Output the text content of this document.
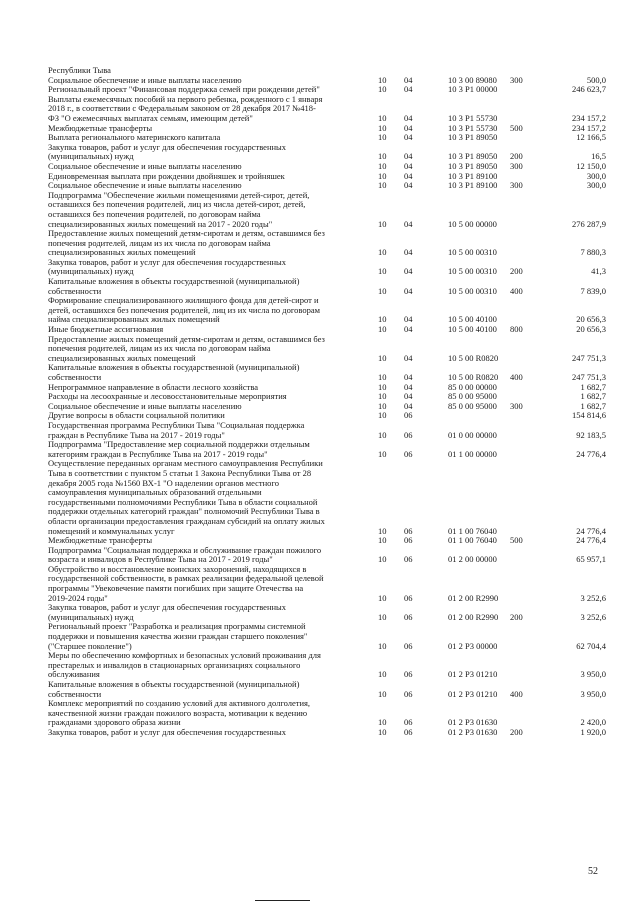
Республики Тыва
Социальное обеспечение и иные выплаты населению	10 04	10 3 00 89080 300	500,0
Региональный проект "Финансовая поддержка семей при рождении детей"	10 04	10 3 P1 00000	246 623,7
Выплаты ежемесячных пособий на первого ребенка, рожденного с 1 января
2018 г., в соответствии с Федеральным законом от 28 декабря 2017 №418-
ФЗ "О ежемесячных выплатах семьям, имеющим детей"	10 04	10 3 P1 55730	234 157,2
Межбюджетные трансферты	10 04	10 3 P1 55730 500	234 157,2
Выплата регионального материнского капитала	10 04	10 3 P1 89050	12 166,5
Закупка товаров, работ и услуг для обеспечения государственных
(муниципальных) нужд	10 04	10 3 P1 89050 200	16,5
Социальное обеспечение и иные выплаты населению	10 04	10 3 P1 89050 300	12 150,0
Единовременная выплата при рождении двойняшек и тройняшек	10 04	10 3 P1 89100	300,0
Социальное обеспечение и иные выплаты населению	10 04	10 3 P1 89100 300	300,0
Подпрограмма "Обеспечение жильми помещениями детей-сирот, детей,
оставшихся без попечения родителей, лиц из числа детей-сирот, детей,
оставшихся без попечения родителей, по договорам найма
специализированных жилых помещений на 2017 - 2020 годы"	10 04	10 5 00 00000	276 287,9
Предоставление жилых помещений детям-сиротам и детям, оставшимся без
попечения родителей, лицам из их числа по договорам найма
специализированных жилых помещений	10 04	10 5 00 00310	7 880,3
Закупка товаров, работ и услуг для обеспечения государственных
(муниципальных) нужд	10 04	10 5 00 00310 200	41,3
Капитальные вложения в объекты государственной (муниципальной)
собственности	10 04	10 5 00 00310 400	7 839,0
Формирование специализированного жилищного фонда для детей-сирот и
детей, оставшихся без попечения родителей, лиц из их числа по договорам
найма специализированных жилых помещений	10 04	10 5 00 40100	20 656,3
Иные бюджетные ассигнования	10 04	10 5 00 40100 800	20 656,3
Предоставление жилых помещений детям-сиротам и детям, оставшимся без
попечения родителей, лицам из их числа по договорам найма
специализированных жилых помещений	10 04	10 5 00 R0820	247 751,3
Капитальные вложения в объекты государственной (муниципальной)
собственности	10 04	10 5 00 R0820 400	247 751,3
Непрограммное направление в области лесного хозяйства	10 04	85 0 00 00000	1 682,7
Расходы на лесоохранные и лесовосстановительные мероприятия	10 04	85 0 00 95000	1 682,7
Социальное обеспечение и иные выплаты населению	10 04	85 0 00 95000 300	1 682,7
Другие вопросы в области социальной политики	10 06	154 814,6
Государственная программа Республики Тыва "Социальная поддержка
граждан в Республике Тыва на 2017 - 2019 годы"	10 06	01 0 00 00000	92 183,5
Подпрограмма "Предоставление мер социальной поддержки отдельным
категориям граждан в Республике Тыва на 2017 - 2019 годы"	10 06	01 1 00 00000	24 776,4
Осуществление переданных органам местного самоуправления Республики
Тыва в соответствии с пунктом 5 статьи 1 Закона Республики Тыва от 28
декабря 2005 года №1560 ВХ-1 "О наделении органов местного
самоуправления муниципальных образований отдельными
государственными полномочиями Республики Тыва в области социальной
поддержки отдельных категорий граждан" полномочий Республики Тыва в
области организации предоставления гражданам субсидий на оплату жилых
помещений и коммунальных услуг	10 06	01 1 00 76040	24 776,4
Межбюджетные трансферты	10 06	01 1 00 76040 500	24 776,4
Подпрограмма "Социальная поддержка и обслуживание граждан пожилого
возраста и инвалидов в Республике Тыва на 2017 - 2019 годы"	10 06	01 2 00 00000	65 957,1
Обустройство и восстановление воинских захоронений, находящихся в
государственной собственности, в рамках реализации федеральной целевой
программы "Увековечение памяти погибших при защите Отечества на
2019-2024 годы"	10 06	01 2 00 R2990	3 252,6
Закупка товаров, работ и услуг для обеспечения государственных
(муниципальных) нужд	10 06	01 2 00 R2990 200	3 252,6
Региональный проект "Разработка и реализация программы системной
поддержки и повышения качества жизни граждан старшего поколения"
("Старшее поколение")	10 06	01 2 P3 00000	62 704,4
Меры по обеспечению комфортных и безопасных условий проживания для
престарелых и инвалидов в стационарных организациях социального
обслуживания	10 06	01 2 P3 01210	3 950,0
Капитальные вложения в объекты государственной (муниципальной)
собственности	10 06	01 2 P3 01210 400	3 950,0
Комплекс мероприятий по созданию условий для активного долголетия,
качественной жизни граждан пожилого возраста, мотивации к ведению
гражданами здорового образа жизни	10 06	01 2 P3 01630	2 420,0
Закупка товаров, работ и услуг для обеспечения государственных	10 06	01 2 P3 01630 200	1 920,0
52
